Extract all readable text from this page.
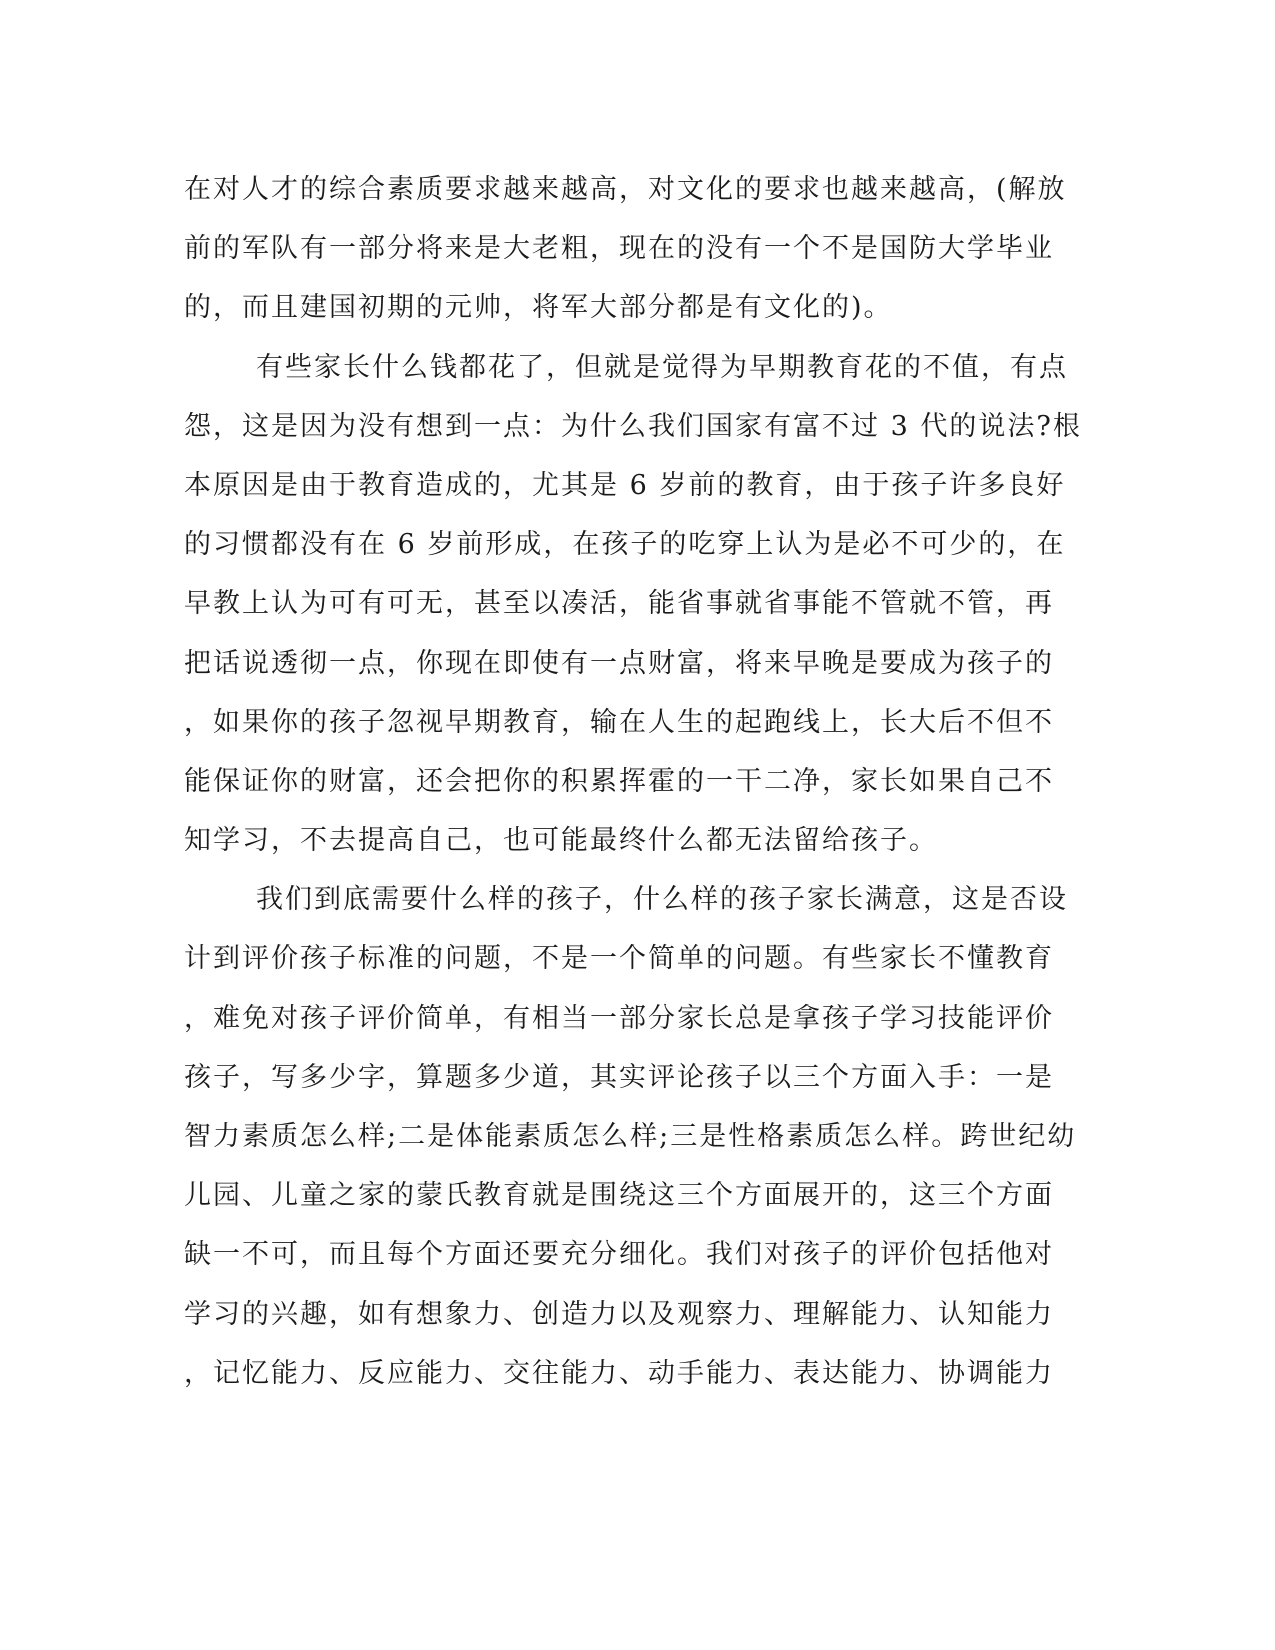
在对人才的综合素质要求越来越高，对文化的要求也越来越高，(解放
前的军队有一部分将来是大老粗，现在的没有一个不是国防大学毕业
的，而且建国初期的元帅，将军大部分都是有文化的)。
有些家长什么钱都花了，但就是觉得为早期教育花的不值，有点
怨，这是因为没有想到一点：为什么我们国家有富不过 3 代的说法?根
本原因是由于教育造成的，尤其是 6 岁前的教育，由于孩子许多良好
的习惯都没有在 6 岁前形成，在孩子的吃穿上认为是必不可少的，在
早教上认为可有可无，甚至以凑活，能省事就省事能不管就不管，再
把话说透彻一点，你现在即使有一点财富，将来早晚是要成为孩子的
，如果你的孩子忽视早期教育，输在人生的起跑线上，长大后不但不
能保证你的财富，还会把你的积累挥霍的一干二净，家长如果自己不
知学习，不去提高自己，也可能最终什么都无法留给孩子。
我们到底需要什么样的孩子，什么样的孩子家长满意，这是否设
计到评价孩子标准的问题，不是一个简单的问题。有些家长不懂教育
，难免对孩子评价简单，有相当一部分家长总是拿孩子学习技能评价
孩子，写多少字，算题多少道，其实评论孩子以三个方面入手：一是
智力素质怎么样;二是体能素质怎么样;三是性格素质怎么样。跨世纪幼
儿园、儿童之家的蒙氏教育就是围绕这三个方面展开的，这三个方面
缺一不可，而且每个方面还要充分细化。我们对孩子的评价包括他对
学习的兴趣，如有想象力、创造力以及观察力、理解能力、认知能力
，记忆能力、反应能力、交往能力、动手能力、表达能力、协调能力
